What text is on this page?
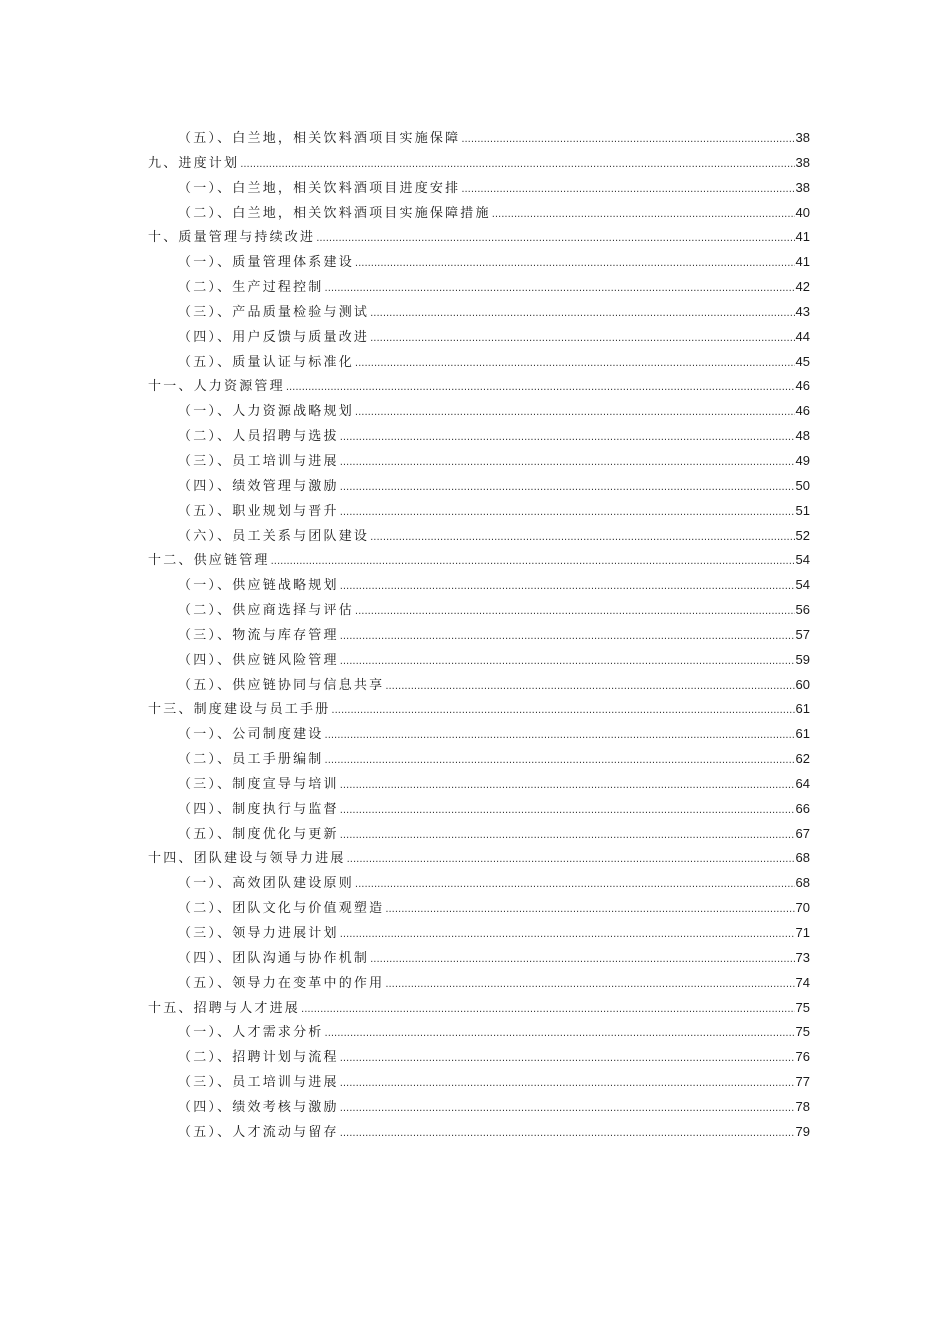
（五）、白兰地，相关饮料酒项目实施保障 .....	38
九、进度计划 .....	38
（一）、白兰地，相关饮料酒项目进度安排 .....	38
（二）、白兰地，相关饮料酒项目实施保障措施 .....	40
十、质量管理与持续改进 .....	41
（一）、质量管理体系建设 .....	41
（二）、生产过程控制 .....	42
（三）、产品质量检验与测试 .....	43
（四）、用户反馈与质量改进 .....	44
（五）、质量认证与标准化 .....	45
十一、人力资源管理 .....	46
（一）、人力资源战略规划 .....	46
（二）、人员招聘与选拔 .....	48
（三）、员工培训与进展 .....	49
（四）、绩效管理与激励 .....	50
（五）、职业规划与晋升 .....	51
（六）、员工关系与团队建设 .....	52
十二、供应链管理 .....	54
（一）、供应链战略规划 .....	54
（二）、供应商选择与评估 .....	56
（三）、物流与库存管理 .....	57
（四）、供应链风险管理 .....	59
（五）、供应链协同与信息共享 .....	60
十三、制度建设与员工手册 .....	61
（一）、公司制度建设 .....	61
（二）、员工手册编制 .....	62
（三）、制度宣导与培训 .....	64
（四）、制度执行与监督 .....	66
（五）、制度优化与更新 .....	67
十四、团队建设与领导力进展 .....	68
（一）、高效团队建设原则 .....	68
（二）、团队文化与价值观塑造 .....	70
（三）、领导力进展计划 .....	71
（四）、团队沟通与协作机制 .....	73
（五）、领导力在变革中的作用 .....	74
十五、招聘与人才进展 .....	75
（一）、人才需求分析 .....	75
（二）、招聘计划与流程 .....	76
（三）、员工培训与进展 .....	77
（四）、绩效考核与激励 .....	78
（五）、人才流动与留存 .....	79
